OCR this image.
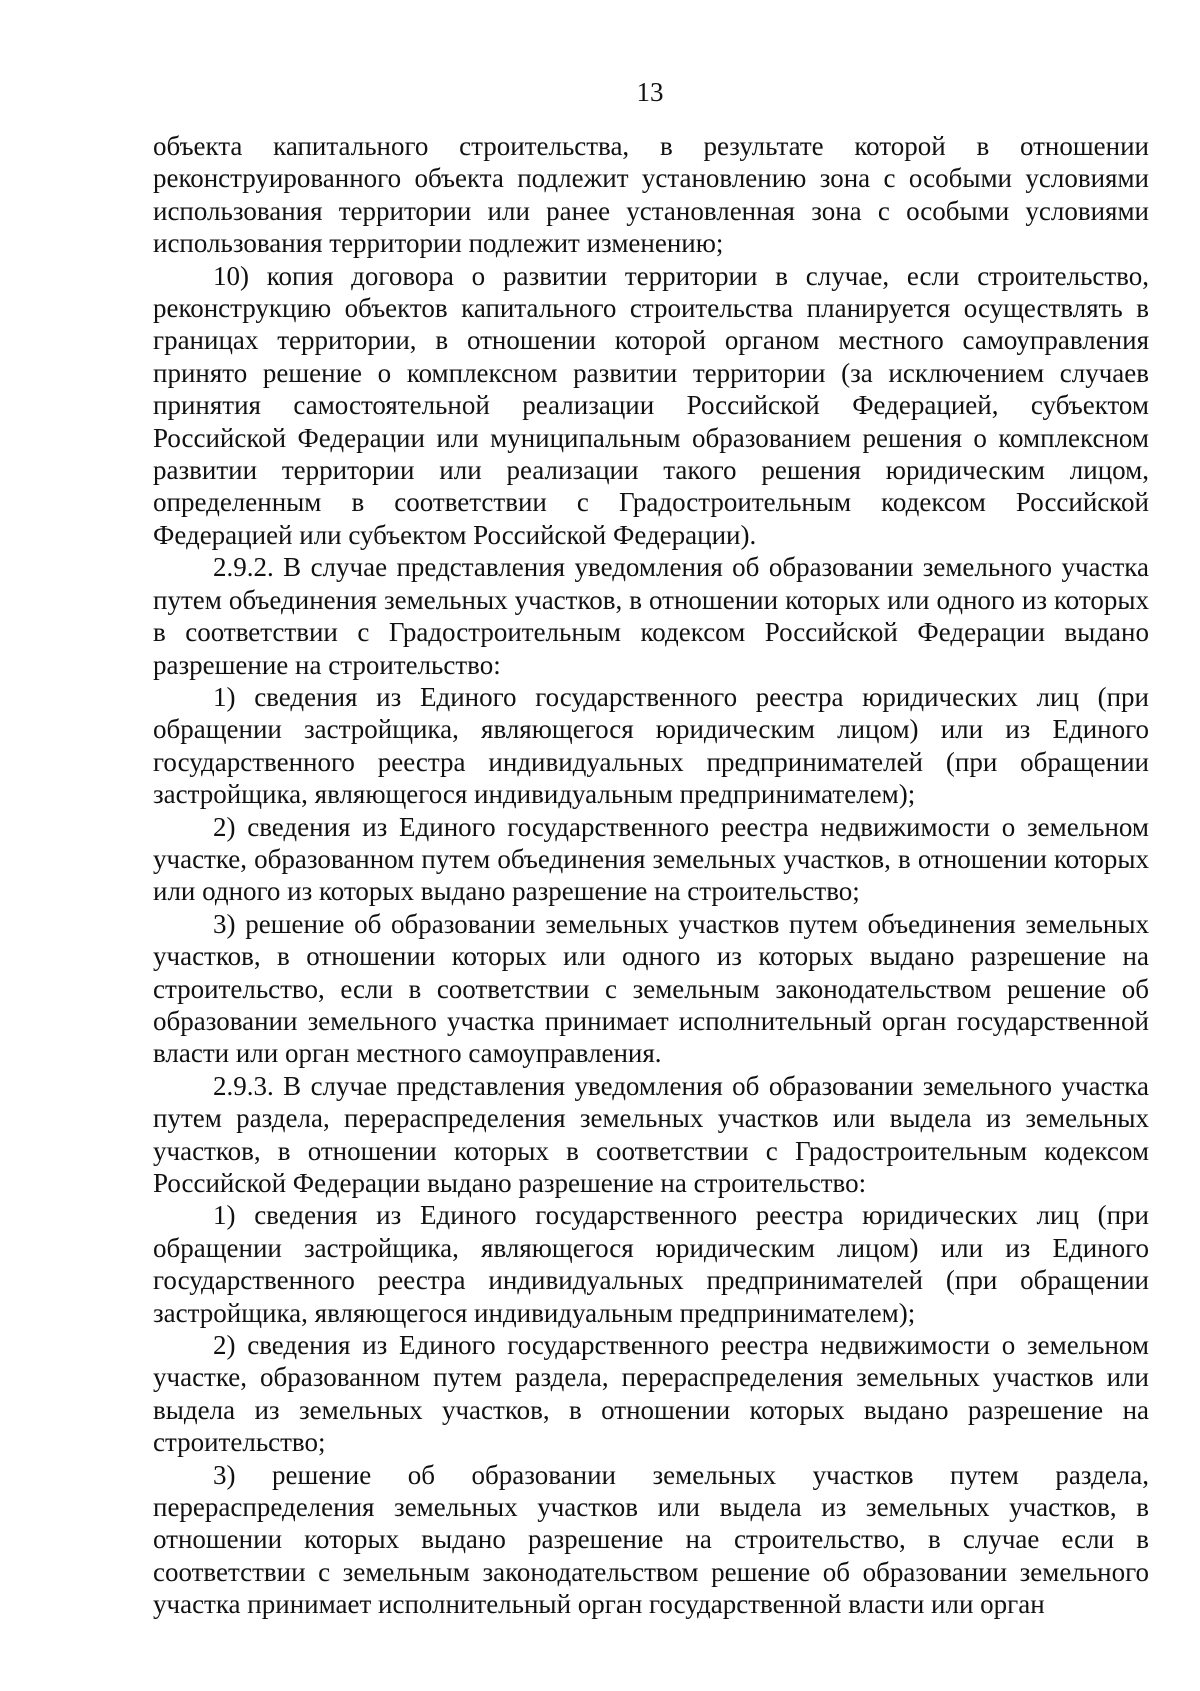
13

объекта капитального строительства, в результате которой в отношении реконструированного объекта подлежит установлению зона с особыми условиями использования территории или ранее установленная зона с особыми условиями использования территории подлежит изменению;

10) копия договора о развитии территории в случае, если строительство, реконструкцию объектов капитального строительства планируется осуществлять в границах территории, в отношении которой органом местного самоуправления принято решение о комплексном развитии территории (за исключением случаев принятия самостоятельной реализации Российской Федерацией, субъектом Российской Федерации или муниципальным образованием решения о комплексном развитии территории или реализации такого решения юридическим лицом, определенным в соответствии с Градостроительным кодексом Российской Федерацией или субъектом Российской Федерации).

2.9.2. В случае представления уведомления об образовании земельного участка путем объединения земельных участков, в отношении которых или одного из которых в соответствии с Градостроительным кодексом Российской Федерации выдано разрешение на строительство:

1) сведения из Единого государственного реестра юридических лиц (при обращении застройщика, являющегося юридическим лицом) или из Единого государственного реестра индивидуальных предпринимателей (при обращении застройщика, являющегося индивидуальным предпринимателем);

2) сведения из Единого государственного реестра недвижимости о земельном участке, образованном путем объединения земельных участков, в отношении которых или одного из которых выдано разрешение на строительство;

3) решение об образовании земельных участков путем объединения земельных участков, в отношении которых или одного из которых выдано разрешение на строительство, если в соответствии с земельным законодательством решение об образовании земельного участка принимает исполнительный орган государственной власти или орган местного самоуправления.

2.9.3. В случае представления уведомления об образовании земельного участка путем раздела, перераспределения земельных участков или выдела из земельных участков, в отношении которых в соответствии с Градостроительным кодексом Российской Федерации выдано разрешение на строительство:

1) сведения из Единого государственного реестра юридических лиц (при обращении застройщика, являющегося юридическим лицом) или из Единого государственного реестра индивидуальных предпринимателей (при обращении застройщика, являющегося индивидуальным предпринимателем);

2) сведения из Единого государственного реестра недвижимости о земельном участке, образованном путем раздела, перераспределения земельных участков или выдела из земельных участков, в отношении которых выдано разрешение на строительство;

3) решение об образовании земельных участков путем раздела, перераспределения земельных участков или выдела из земельных участков, в отношении которых выдано разрешение на строительство, в случае если в соответствии с земельным законодательством решение об образовании земельного участка принимает исполнительный орган государственной власти или орган
